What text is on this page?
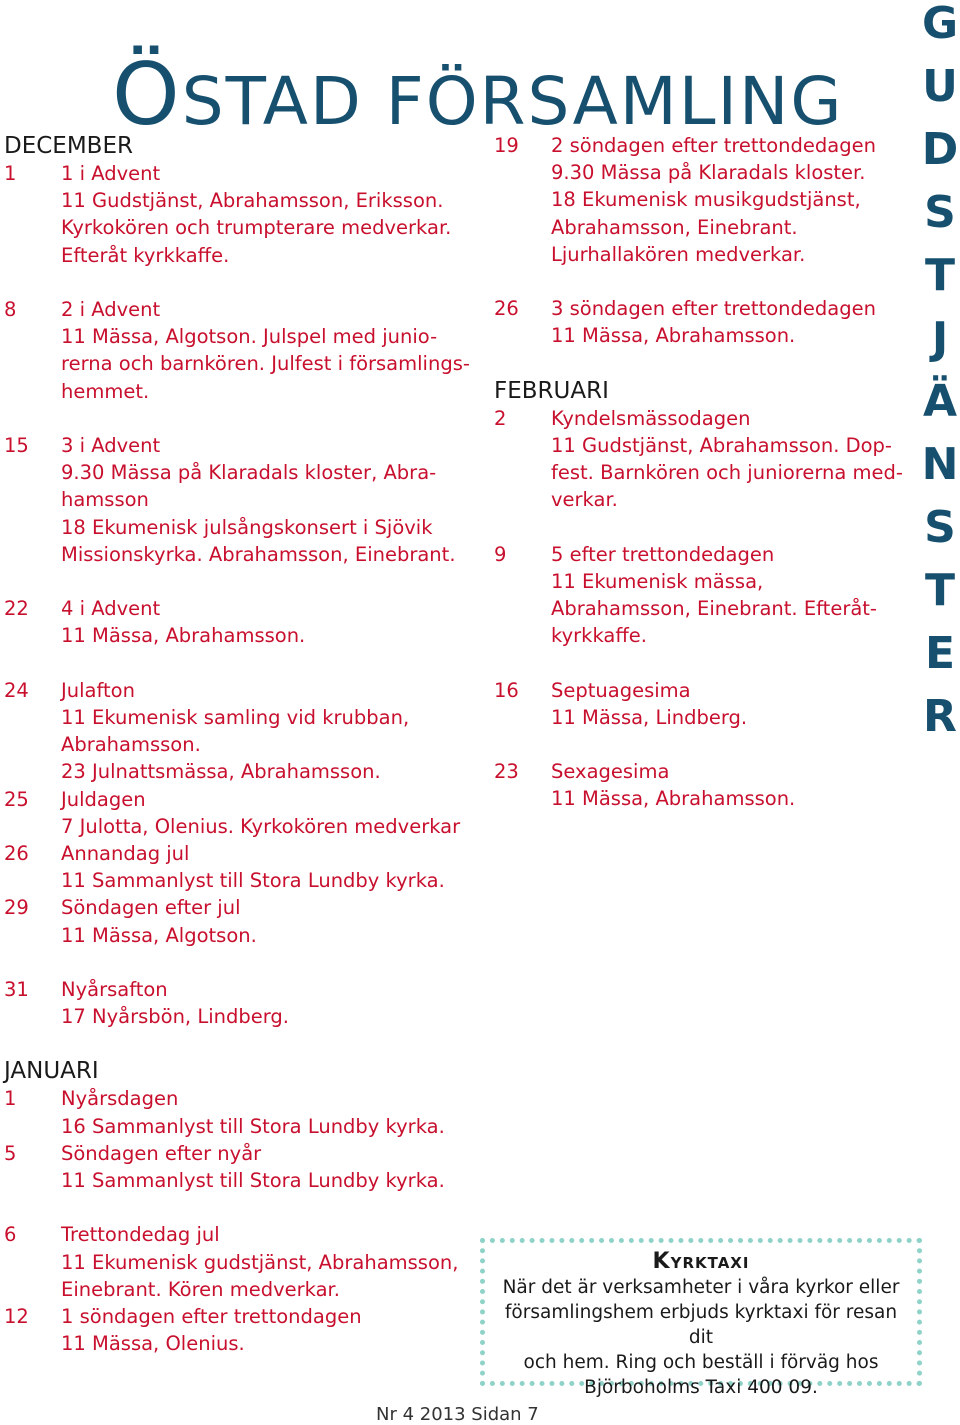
ÖSTAD FÖRSAMLING
G
U
D
S
T
J
Ä
N
S
T
E
R
DECEMBER
1	1 i Advent
11 Gudstjänst, Abrahamsson, Eriksson.
Kyrkokören och trumpterare medverkar.
Efteråt kyrkkaffe.
8	2 i Advent
11 Mässa, Algotson. Julspel med junio-
rerna och barnkören. Julfest i församlings-
hemmet.
15	3 i Advent
9.30 Mässa på Klaradals kloster, Abra-
hamsson
18 Ekumenisk julsångskonsert i Sjövik
Missionskyrka. Abrahamsson, Einebrant.
22	4 i Advent
11 Mässa, Abrahamsson.
24	Julafton
11 Ekumenisk samling vid krubban,
Abrahamsson.
23 Julnattsmässa, Abrahamsson.
25	Juldagen
7 Julotta, Olenius. Kyrkokören medverkar
26	Annandag jul
11 Sammanlyst till Stora Lundby kyrka.
29	Söndagen efter jul
11 Mässa, Algotson.
31	Nyårsafton
17 Nyårsbön, Lindberg.
JANUARI
1	Nyårsdagen
16 Sammanlyst till Stora Lundby kyrka.
5	Söndagen efter nyår
11 Sammanlyst till Stora Lundby kyrka.
6	Trettondedag jul
11 Ekumenisk gudstjänst, Abrahamsson,
Einebrant. Kören medverkar.
12	1 söndagen efter trettondagen
11 Mässa, Olenius.
19	2 söndagen efter trettondedagen
9.30 Mässa på Klaradals kloster.
18 Ekumenisk musikgudstjänst,
Abrahamsson, Einebrant.
Ljurhallakören medverkar.
26	3 söndagen efter trettondedagen
11 Mässa, Abrahamsson.
FEBRUARI
2	Kyndelsmässodagen
11 Gudstjänst, Abrahamsson. Dop-
fest. Barnkören och juniorerna med-
verkar.
9	5 efter trettondedagen
11 Ekumenisk mässa,
Abrahamsson, Einebrant. Efteråt-
kyrkkaffe.
16	Septuagesima
11 Mässa, Lindberg.
23	Sexagesima
11 Mässa, Abrahamsson.
Kyrktaxi
När det är verksamheter i våra kyrkor eller
församlingshem erbjuds kyrktaxi för resan dit
och hem. Ring och beställ i förväg hos
Björboholms Taxi 400 09.
Nr 4 2013 Sidan 7
